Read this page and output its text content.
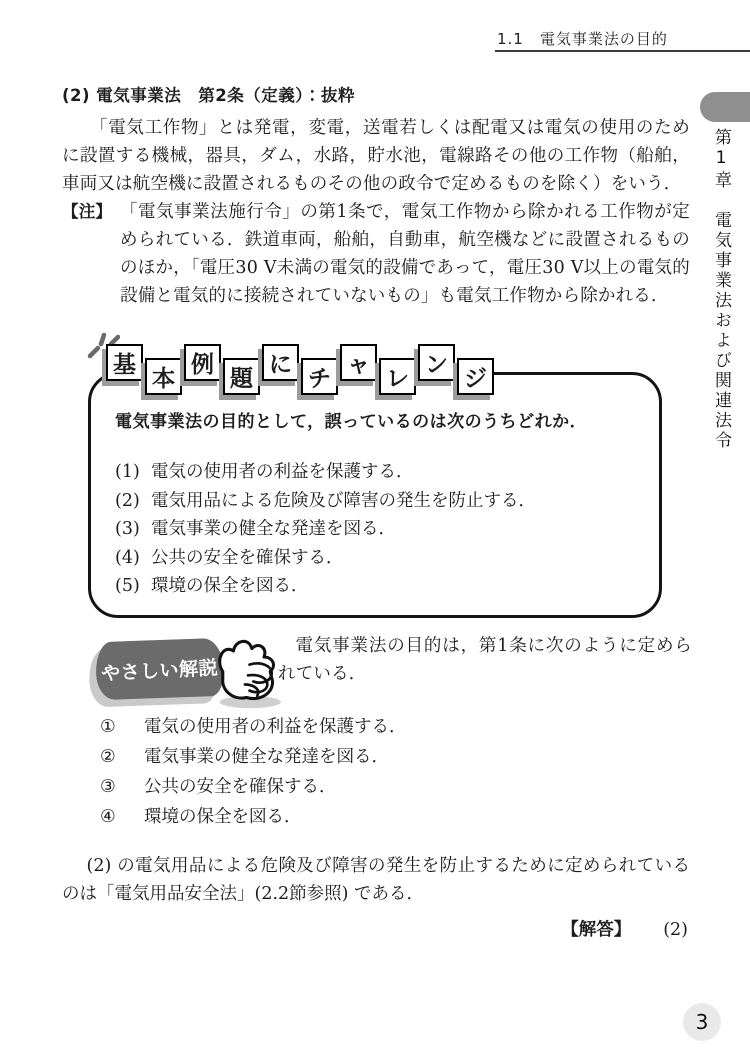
1.1　電気事業法の目的
第1章　電気事業法および関連法令
(2) 電気事業法　第2条（定義）：抜粋

「電気工作物」とは発電，変電，送電若しくは配電又は電気の使用のために設置する機械，器具，ダム，水路，貯水池，電線路その他の工作物（船舶，車両又は航空機に設置されるものその他の政令で定めるものを除く）をいう．

【注】 「電気事業法施行令」の第1条で，電気工作物から除かれる工作物が定められている．鉄道車両，船舶，自動車，航空機などに設置されるもののほか，「電圧30 V未満の電気的設備であって，電圧30 V以上の電気的設備と電気的に接続されていないもの」も電気工作物から除かれる．
基
本
例
題
に
チ
ャ
レ
ン
ジ
電気事業法の目的として，誤っているのは次のうちどれか．
(1) 電気の使用者の利益を保護する．
(2) 電気用品による危険及び障害の発生を防止する．
(3) 電気事業の健全な発達を図る．
(4) 公共の安全を確保する．
(5) 環境の保全を図る．
やさしい解説
電気事業法の目的は，第1条に次のように定められている．
①	電気の使用者の利益を保護する．
②	電気事業の健全な発達を図る．
③	公共の安全を確保する．
④	環境の保全を図る．
(2) の電気用品による危険及び障害の発生を防止するために定められているのは「電気用品安全法」(2.2節参照) である．
【解答】 (2)
3
